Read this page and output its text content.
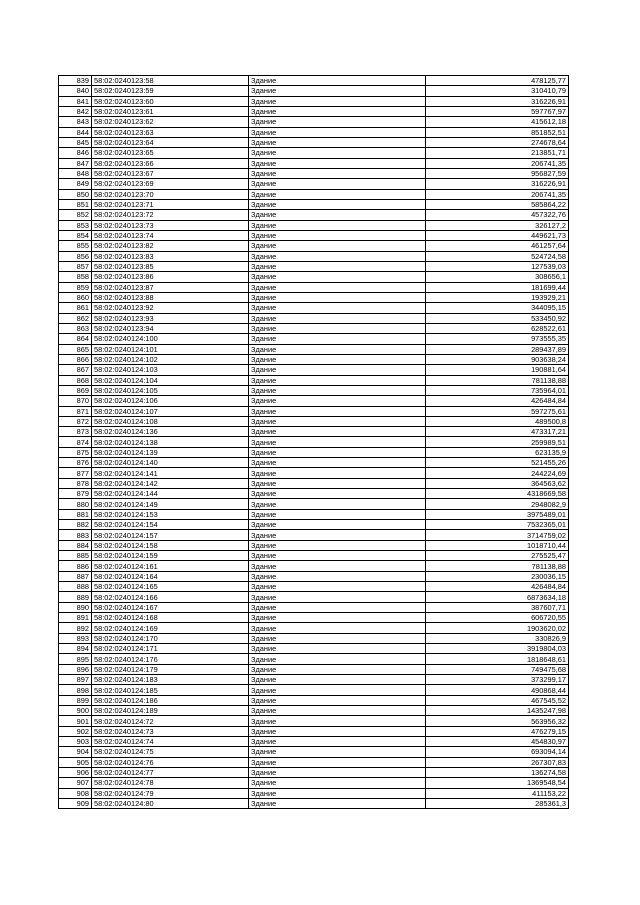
839	58:02:0240123:58	Здание	478125,77
840	58:02:0240123:59	Здание	310410,79
841	58:02:0240123:60	Здание	316226,91
842	58:02:0240123:61	Здание	597767,97
843	58:02:0240123:62	Здание	415612,18
844	58:02:0240123:63	Здание	851852,51
845	58:02:0240123:64	Здание	274678,64
846	58:02:0240123:65	Здание	213851,71
847	58:02:0240123:66	Здание	206741,35
848	58:02:0240123:67	Здание	956827,59
849	58:02:0240123:69	Здание	316226,91
850	58:02:0240123:70	Здание	206741,35
851	58:02:0240123:71	Здание	585864,22
852	58:02:0240123:72	Здание	457322,76
853	58:02:0240123:73	Здание	326127,2
854	58:02:0240123:74	Здание	449621,73
855	58:02:0240123:82	Здание	461257,64
856	58:02:0240123:83	Здание	524724,58
857	58:02:0240123:85	Здание	127539,03
858	58:02:0240123:86	Здание	308656,1
859	58:02:0240123:87	Здание	181699,44
860	58:02:0240123:88	Здание	193929,21
861	58:02:0240123:92	Здание	344095,15
862	58:02:0240123:93	Здание	533450,92
863	58:02:0240123:94	Здание	628522,61
864	58:02:0240124:100	Здание	973555,35
865	58:02:0240124:101	Здание	289437,89
866	58:02:0240124:102	Здание	903638,24
867	58:02:0240124:103	Здание	190881,64
868	58:02:0240124:104	Здание	781138,88
869	58:02:0240124:105	Здание	735964,01
870	58:02:0240124:106	Здание	426484,84
871	58:02:0240124:107	Здание	597275,61
872	58:02:0240124:108	Здание	489500,8
873	58:02:0240124:136	Здание	473317,21
874	58:02:0240124:138	Здание	259989,51
875	58:02:0240124:139	Здание	623135,9
876	58:02:0240124:140	Здание	521455,26
877	58:02:0240124:141	Здание	244224,69
878	58:02:0240124:142	Здание	364563,62
879	58:02:0240124:144	Здание	4318669,58
880	58:02:0240124:149	Здание	2948082,9
881	58:02:0240124:153	Здание	3975489,01
882	58:02:0240124:154	Здание	7532365,01
883	58:02:0240124:157	Здание	3714759,02
884	58:02:0240124:158	Здание	1018710,44
885	58:02:0240124:159	Здание	275525,47
886	58:02:0240124:161	Здание	781138,88
887	58:02:0240124:164	Здание	230036,15
888	58:02:0240124:165	Здание	426484,84
889	58:02:0240124:166	Здание	6873634,18
890	58:02:0240124:167	Здание	387607,71
891	58:02:0240124:168	Здание	606720,55
892	58:02:0240124:169	Здание	1903620,02
893	58:02:0240124:170	Здание	330826,9
894	58:02:0240124:171	Здание	3919804,03
895	58:02:0240124:176	Здание	1818648,61
896	58:02:0240124:179	Здание	749475,68
897	58:02:0240124:183	Здание	373299,17
898	58:02:0240124:185	Здание	490868,44
899	58:02:0240124:186	Здание	467545,52
900	58:02:0240124:189	Здание	1435247,98
901	58:02:0240124:72	Здание	563956,32
902	58:02:0240124:73	Здание	476279,15
903	58:02:0240124:74	Здание	454830,97
904	58:02:0240124:75	Здание	693094,14
905	58:02:0240124:76	Здание	267307,83
906	58:02:0240124:77	Здание	136274,58
907	58:02:0240124:78	Здание	1369548,54
908	58:02:0240124:79	Здание	411153,22
909	58:02:0240124:80	Здание	285361,3
